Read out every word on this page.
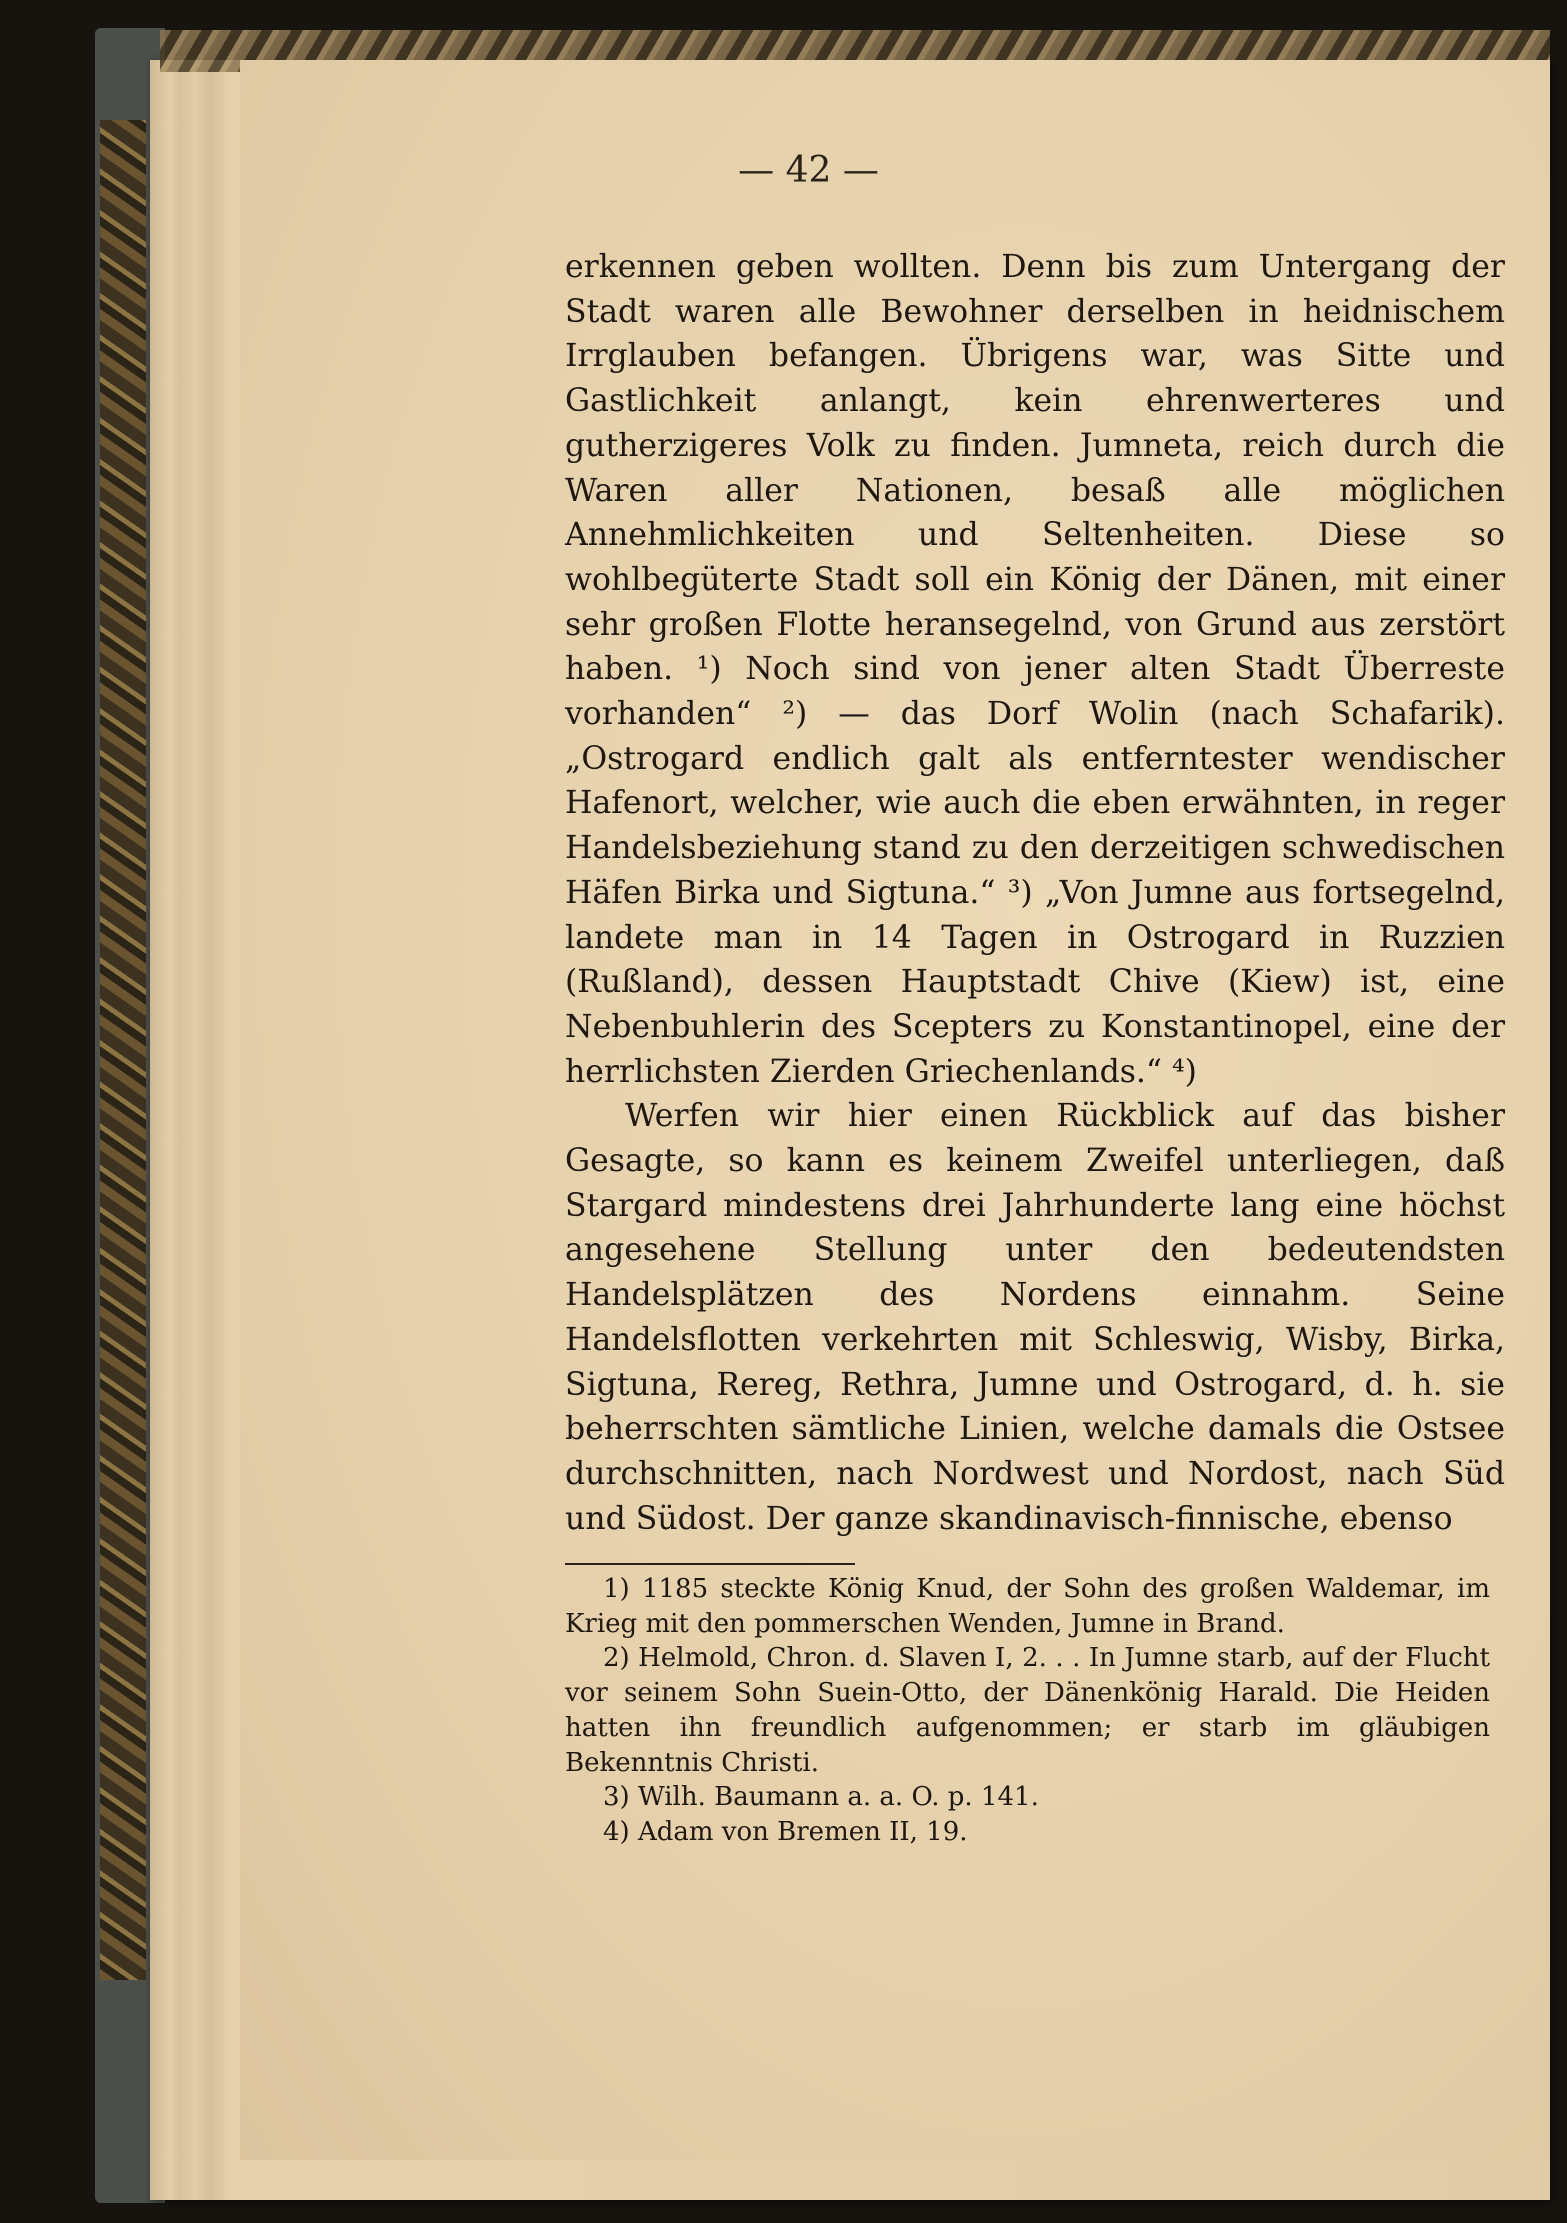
— 42 —

erkennen geben wollten. Denn bis zum Untergang der Stadt waren alle Bewohner derselben in heidnischem Irrglauben befangen. Übrigens war, was Sitte und Gastlichkeit anlangt, kein ehrenwerteres und gutherzigeres Volk zu finden. Jumneta, reich durch die Waren aller Nationen, besaß alle möglichen Annehmlichkeiten und Seltenheiten. Diese so wohlbegüterte Stadt soll ein König der Dänen, mit einer sehr großen Flotte heransegelnd, von Grund aus zerstört haben. ¹) Noch sind von jener alten Stadt Überreste vorhanden“ ²) — das Dorf Wolin (nach Schafarik). „Ostrogard endlich galt als entferntester wendischer Hafenort, welcher, wie auch die eben erwähnten, in reger Handelsbeziehung stand zu den derzeitigen schwedischen Häfen Birka und Sigtuna.“ ³) „Von Jumne aus fortsegelnd, landete man in 14 Tagen in Ostrogard in Ruzzien (Rußland), dessen Hauptstadt Chive (Kiew) ist, eine Nebenbuhlerin des Scepters zu Konstantinopel, eine der herrlichsten Zierden Griechenlands.“ ⁴)

Werfen wir hier einen Rückblick auf das bisher Gesagte, so kann es keinem Zweifel unterliegen, daß Stargard mindestens drei Jahrhunderte lang eine höchst angesehene Stellung unter den bedeutendsten Handelsplätzen des Nordens einnahm. Seine Handelsflotten verkehrten mit Schleswig, Wisby, Birka, Sigtuna, Rereg, Rethra, Jumne und Ostrogard, d. h. sie beherrschten sämtliche Linien, welche damals die Ostsee durchschnitten, nach Nordwest und Nordost, nach Süd und Südost. Der ganze skandinavisch-finnische, ebenso

1) 1185 steckte König Knud, der Sohn des großen Waldemar, im Krieg mit den pommerschen Wenden, Jumne in Brand.

2) Helmold, Chron. d. Slaven I, 2. . . In Jumne starb, auf der Flucht vor seinem Sohn Suein-Otto, der Dänenkönig Harald. Die Heiden hatten ihn freundlich aufgenommen; er starb im gläubigen Bekenntnis Christi.

3) Wilh. Baumann a. a. O. p. 141.

4) Adam von Bremen II, 19.
